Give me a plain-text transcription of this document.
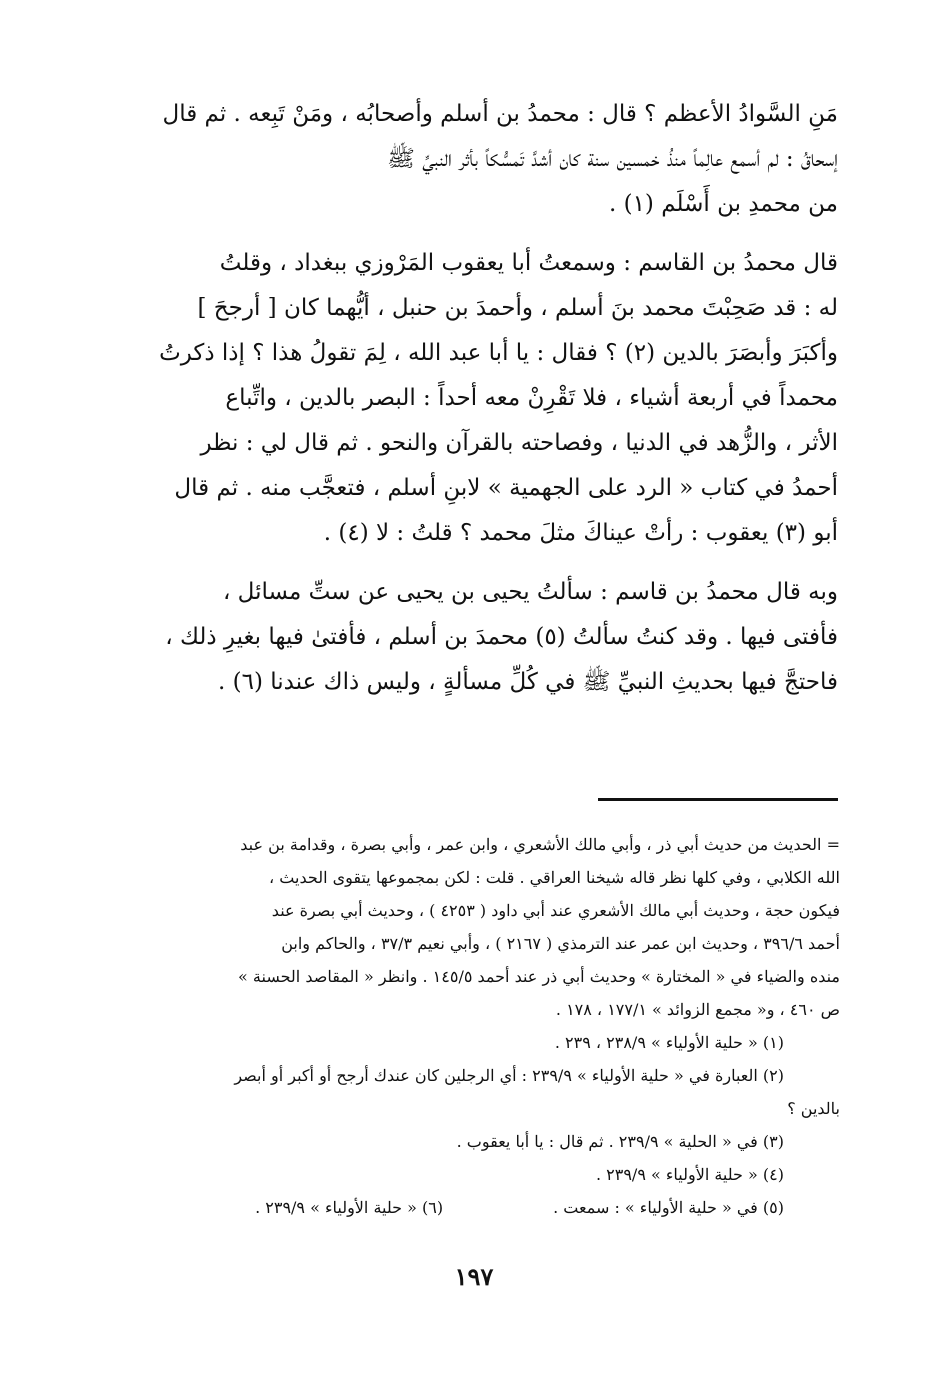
مَنِ السَّوادُ الأعظم ؟ قال : محمدُ بن أسلم وأصحابُه ، ومَنْ تَبِعه . ثم قال
إسحاقُ : لم أسمع عالِماً منذُ خمسين سنة كان أشدَّ تَمسُّكاً بأثر النبيِّ ﷺ
من محمدِ بن أَسْلَم (١) .
قال محمدُ بن القاسم : وسمعتُ أبا يعقوب المَرْوزي ببغداد ، وقلتُ
له : قد صَحِبْتَ محمد بنَ أسلم ، وأحمدَ بن حنبل ، أيُّهما كان [ أرجحَ ]
وأكبَرَ وأبصَرَ بالدين (٢) ؟ فقال : يا أبا عبد الله ، لِمَ تقولُ هذا ؟ إذا ذكرتُ
محمداً في أربعة أشياء ، فلا تَقْرِنْ معه أحداً : البصر بالدين ، واتِّباع
الأثر ، والزُّهد في الدنيا ، وفصاحته بالقرآن والنحو . ثم قال لي : نظر
أحمدُ في كتاب « الرد على الجهمية » لابنِ أسلم ، فتعجَّب منه . ثم قال
أبو (٣) يعقوب : رأتْ عيناكَ مثلَ محمد ؟ قلتُ : لا (٤) .
وبه قال محمدُ بن قاسم : سألتُ يحيى بن يحيى عن ستِّ مسائل ،
فأفتى فيها . وقد كنتُ سألتُ (٥) محمدَ بن أسلم ، فأفتىٰ فيها بغيرِ ذلك ،
فاحتجَّ فيها بحديثِ النبيِّ ﷺ في كُلِّ مسألةٍ ، وليس ذاك عندنا (٦) .
= الحديث من حديث أبي ذر ، وأبي مالك الأشعري ، وابن عمر ، وأبي بصرة ، وقدامة بن عبد
الله الكلابي ، وفي كلها نظر قاله شيخنا العراقي . قلت : لكن بمجموعها يتقوى الحديث ،
فيكون حجة ، وحديث أبي مالك الأشعري عند أبي داود ( ٤٢٥٣ ) ، وحديث أبي بصرة عند
أحمد ٣٩٦/٦ ، وحديث ابن عمر عند الترمذي ( ٢١٦٧ ) ، وأبي نعيم ٣٧/٣ ، والحاكم وابن
منده والضياء في « المختارة » وحديث أبي ذر عند أحمد ١٤٥/٥ . وانظر « المقاصد الحسنة »
ص ٤٦٠ ، و« مجمع الزوائد » ١٧٧/١ ، ١٧٨ .
(١) « حلية الأولياء » ٢٣٨/٩ ، ٢٣٩ .
(٢) العبارة في « حلية الأولياء » ٢٣٩/٩ : أي الرجلين كان عندك أرجح أو أكبر أو أبصر
بالدين ؟
(٣) في « الحلية » ٢٣٩/٩ . ثم قال : يا أبا يعقوب .
(٤) « حلية الأولياء » ٢٣٩/٩ .
(٥) في « حلية الأولياء » : سمعت .
(٦) « حلية الأولياء » ٢٣٩/٩ .
١٩٧
